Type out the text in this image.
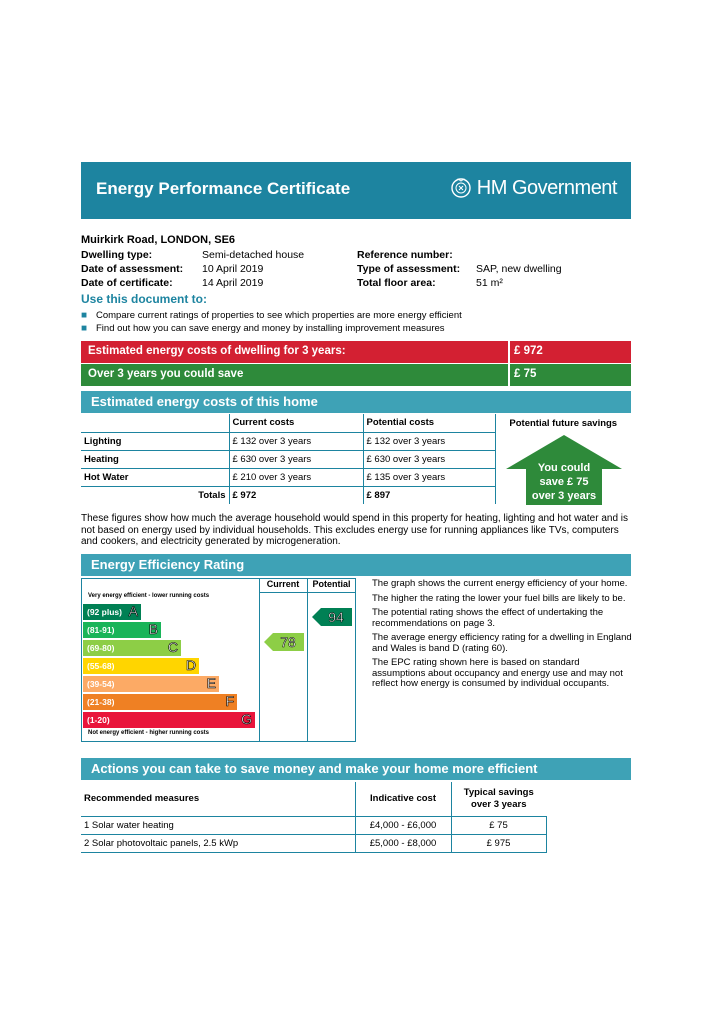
Energy Performance Certificate	HM Government
Muirkirk Road, LONDON, SE6
Dwelling type:	Semi-detached house	Reference number:
Date of assessment: 10 April 2019	Type of assessment: SAP, new dwelling
Date of certificate:	14 April 2019	Total floor area:	51 m²
Use this document to:
■ Compare current ratings of properties to see which properties are more energy efficient
■ Find out how you can save energy and money by installing improvement measures
Estimated energy costs of dwelling for 3 years:	£ 972
Over 3 years you could save	£ 75
Estimated energy costs of this home
	Current costs	Potential costs	Potential future savings
Lighting	£ 132 over 3 years	£ 132 over 3 years	
Heating	£ 630 over 3 years	£ 630 over 3 years	
Hot Water	£ 210 over 3 years	£ 135 over 3 years	
Totals	£ 972	£ 897	
You could
save £ 75
over 3 years
These figures show how much the average household would spend in this property for heating, lighting and hot water and is not based on energy used by individual households. This excludes energy use for running appliances like TVs, computers and cookers, and electricity generated by microgeneration.
Energy Efficiency Rating
Current	Potential
Very energy efficient - lower running costs
Not energy efficient - higher running costs
(92 plus) A
(81-91) B
(69-80)	C
(55-68)	D
(39-54)	E
(21-38)	F
(1-20)	G
78
94

The graph shows the current energy efficiency of your home.

The higher the rating the lower your fuel bills are likely to be.

The potential rating shows the effect of undertaking the recommendations on page 3.

The average energy efficiency rating for a dwelling in England and Wales is band D (rating 60).

The EPC rating shown here is based on standard assumptions about occupancy and energy use and may not reflect how energy is consumed by individual occupants.

Actions you can take to save money and make your home more efficient
Recommended measures	Indicative cost	Typical savings over 3 years
1 Solar water heating	£4,000 - £6,000	£ 75
2 Solar photovoltaic panels, 2.5 kWp	£5,000 - £8,000	£ 975
